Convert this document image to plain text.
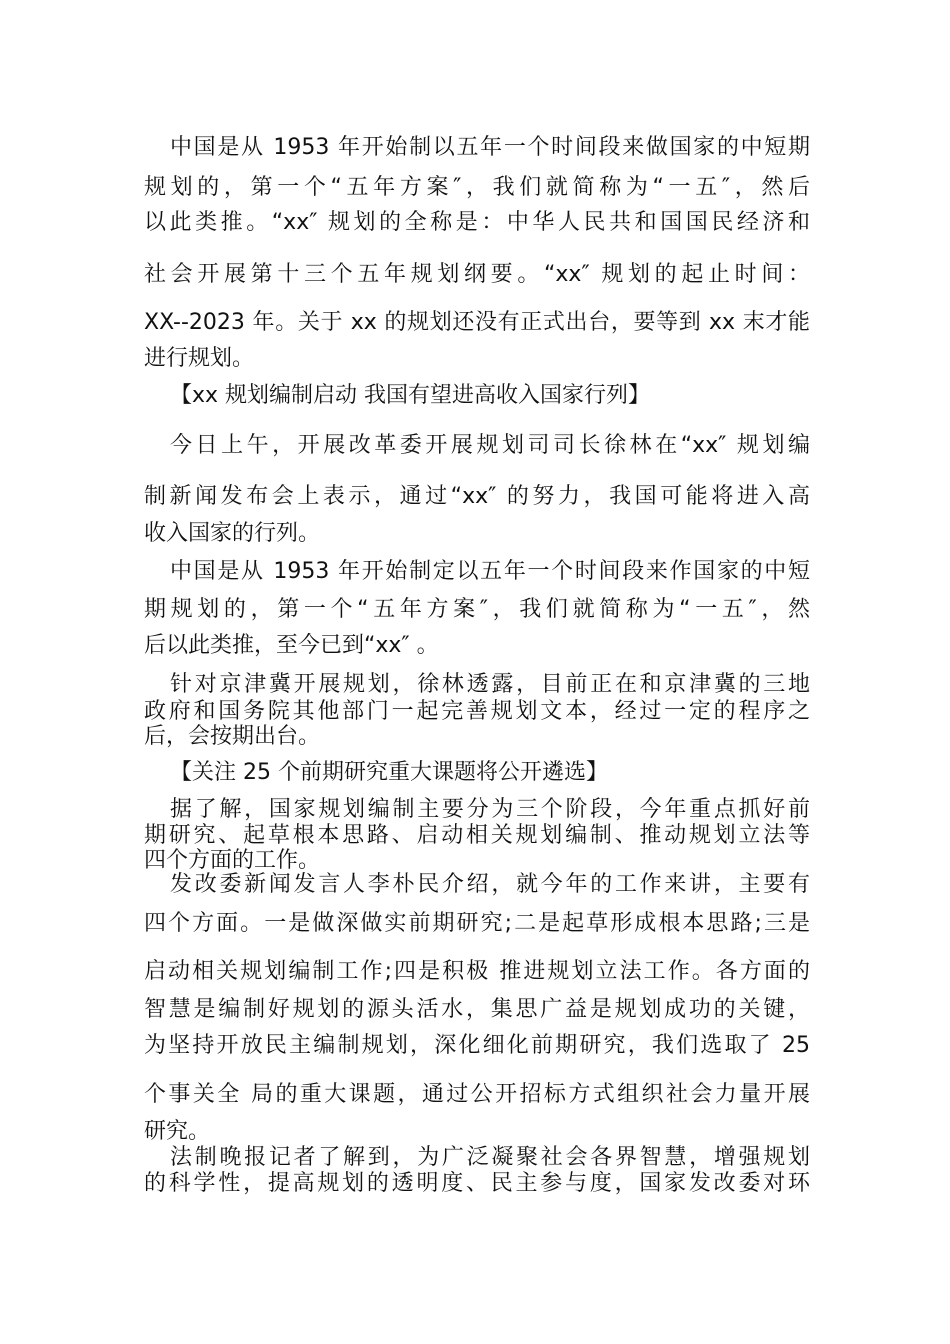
中国是从 1953 年开始制以五年一个时间段来做国家的中短期
规划的，第一个“五年方案″，我们就简称为“一五″，然后
以此类推。“xx″ 规划的全称是：中华人民共和国国民经济和
社会开展第十三个五年规划纲要。“xx″ 规划的起止时间：
XX--2023 年。关于 xx 的规划还没有正式出台，要等到 xx 末才能
进行规划。
【xx 规划编制启动 我国有望进高收入国家行列】
今日上午，开展改革委开展规划司司长徐林在“xx″ 规划编
制新闻发布会上表示，通过“xx″ 的努力，我国可能将进入高
收入国家的行列。
中国是从 1953 年开始制定以五年一个时间段来作国家的中短
期规划的，第一个“五年方案″，我们就简称为“一五″，然
后以此类推，至今已到“xx″ 。
针对京津冀开展规划，徐林透露，目前正在和京津冀的三地
政府和国务院其他部门一起完善规划文本，经过一定的程序之
后，会按期出台。
【关注 25 个前期研究重大课题将公开遴选】
据了解，国家规划编制主要分为三个阶段，今年重点抓好前
期研究、起草根本思路、启动相关规划编制、推动规划立法等
四个方面的工作。
发改委新闻发言人李朴民介绍，就今年的工作来讲，主要有
四个方面。一是做深做实前期研究;二是起草形成根本思路;三是
启动相关规划编制工作;四是积极 推进规划立法工作。各方面的
智慧是编制好规划的源头活水，集思广益是规划成功的关键，
为坚持开放民主编制规划，深化细化前期研究，我们选取了 25
个事关全 局的重大课题，通过公开招标方式组织社会力量开展
研究。
法制晚报记者了解到，为广泛凝聚社会各界智慧，增强规划
的科学性，提高规划的透明度、民主参与度，国家发改委对环
